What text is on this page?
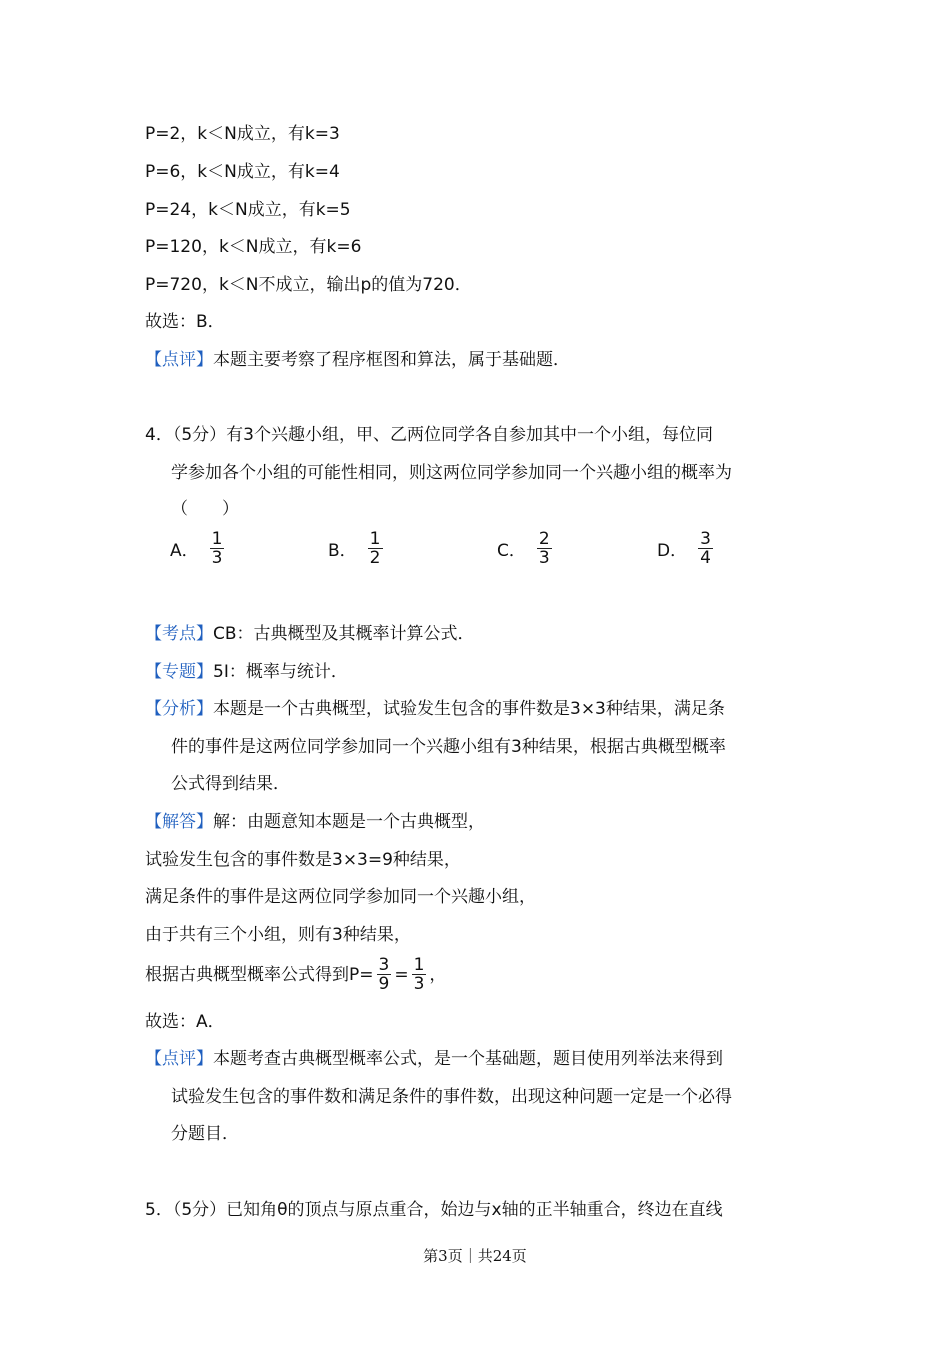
P=2，k＜N成立，有k=3
P=6，k＜N成立，有k=4
P=24，k＜N成立，有k=5
P=120，k＜N成立，有k=6
P=720，k＜N不成立，输出p的值为720．
故选：B．
【点评】本题主要考察了程序框图和算法，属于基础题．
4．（5分）有3个兴趣小组，甲、乙两位同学各自参加其中一个小组，每位同
学参加各个小组的可能性相同，则这两位同学参加同一个兴趣小组的概率为
（　　）
A． $\frac{1}{3}$	B． $\frac{1}{2}$	C． $\frac{2}{3}$	D． $\frac{3}{4}$
【考点】CB：古典概型及其概率计算公式．
【专题】5I：概率与统计．
【分析】本题是一个古典概型，试验发生包含的事件数是3×3种结果，满足条
件的事件是这两位同学参加同一个兴趣小组有3种结果，根据古典概型概率
公式得到结果．
【解答】解：由题意知本题是一个古典概型，
试验发生包含的事件数是3×3=9种结果，
满足条件的事件是这两位同学参加同一个兴趣小组，
由于共有三个小组，则有3种结果，
根据古典概型概率公式得到$P= \frac{3}{9} = \frac{1}{3}$ ，
故选：A．
【点评】本题考查古典概型概率公式，是一个基础题，题目使用列举法来得到
试验发生包含的事件数和满足条件的事件数，出现这种问题一定是一个必得
分题目．
5．（5分）已知角θ的顶点与原点重合，始边与x轴的正半轴重合，终边在直线
第3页｜共24页
